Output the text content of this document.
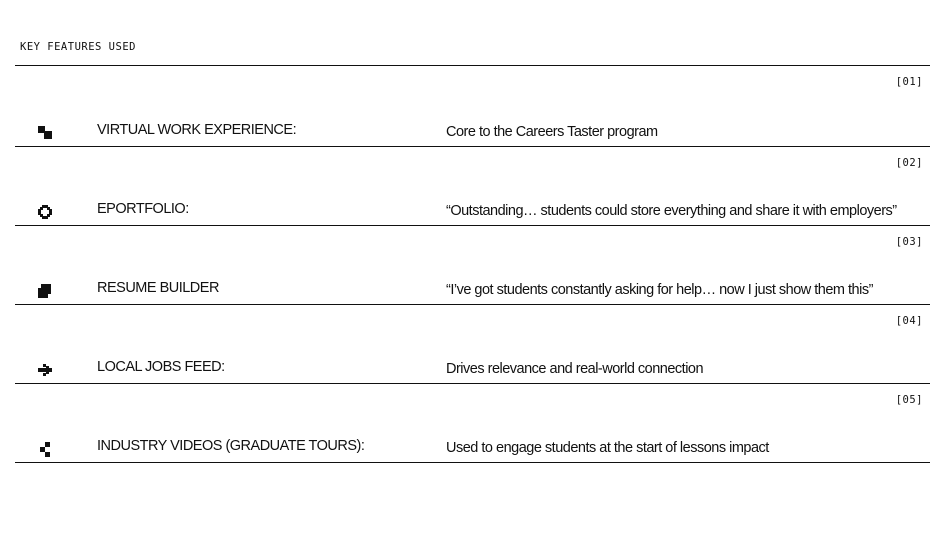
KEY FEATURES USED
[01]
VIRTUAL WORK EXPERIENCE:	Core to the Careers Taster program
[02]
EPORTFOLIO:	“Outstanding… students could store everything and share it with employers”
[03]
RESUME BUILDER	“I’ve got students constantly asking for help… now I just show them this”
[04]
LOCAL JOBS FEED:	Drives relevance and real-world connection
[05]
INDUSTRY VIDEOS (GRADUATE TOURS):	Used to engage students at the start of lessons impact
